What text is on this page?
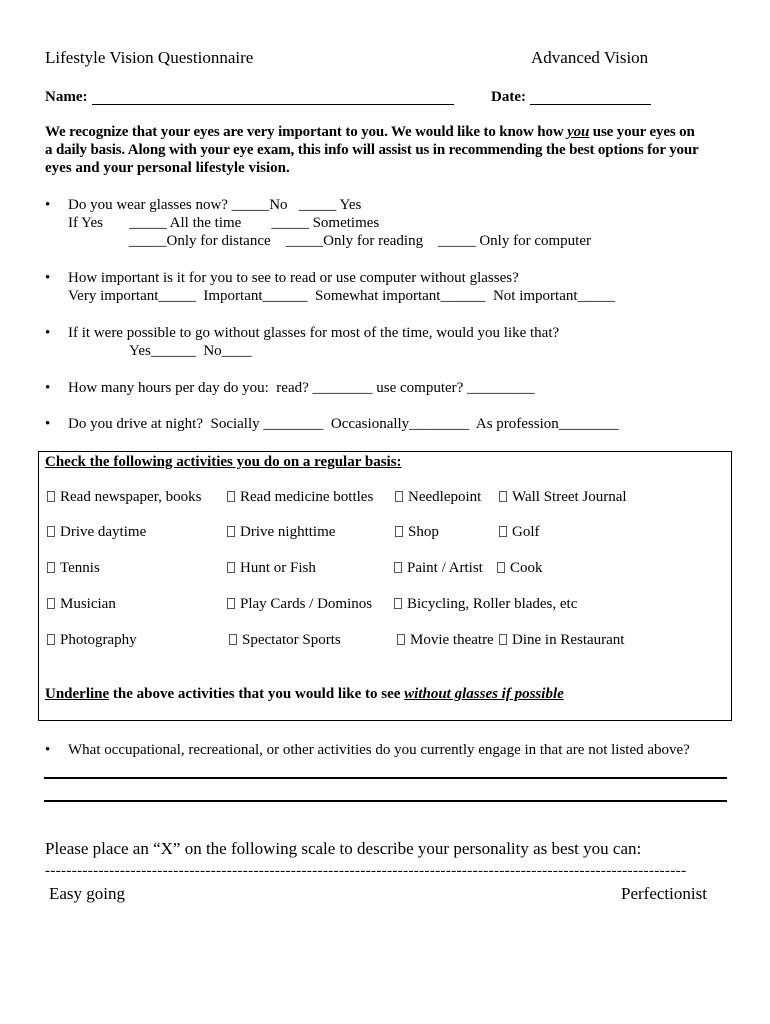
Lifestyle Vision Questionnaire	Advanced Vision
Name:	Date:
We recognize that your eyes are very important to you. We would like to know how you use your eyes on
a daily basis. Along with your eye exam, this info will assist us in recommending the best options for your
eyes and your personal lifestyle vision.
• Do you wear glasses now? _____No   _____ Yes
If Yes       _____ All the time        _____ Sometimes
_____Only for distance    _____Only for reading    _____ Only for computer
• How important is it for you to see to read or use computer without glasses?
Very important_____  Important______  Somewhat important______  Not important_____
• If it were possible to go without glasses for most of the time, would you like that?
Yes______  No____
• How many hours per day do you:  read? ________ use computer? _________
• Do you drive at night?  Socially ________  Occasionally________  As profession________
Check the following activities you do on a regular basis:
Read newspaper, books	Read medicine bottles	Needlepoint	Wall Street Journal
Drive daytime	Drive nighttime	Shop	Golf
Tennis	Hunt or Fish	Paint / Artist	Cook
Musician	Play Cards / Dominos	Bicycling, Roller blades, etc
Photography	Spectator Sports	Movie theatre	Dine in Restaurant
Underline the above activities that you would like to see without glasses if possible
• What occupational, recreational, or other activities do you currently engage in that are not listed above?
Please place an “X” on the following scale to describe your personality as best you can:
------------------------------------------------------------------------------------------------------------------------
Easy going	Perfectionist
